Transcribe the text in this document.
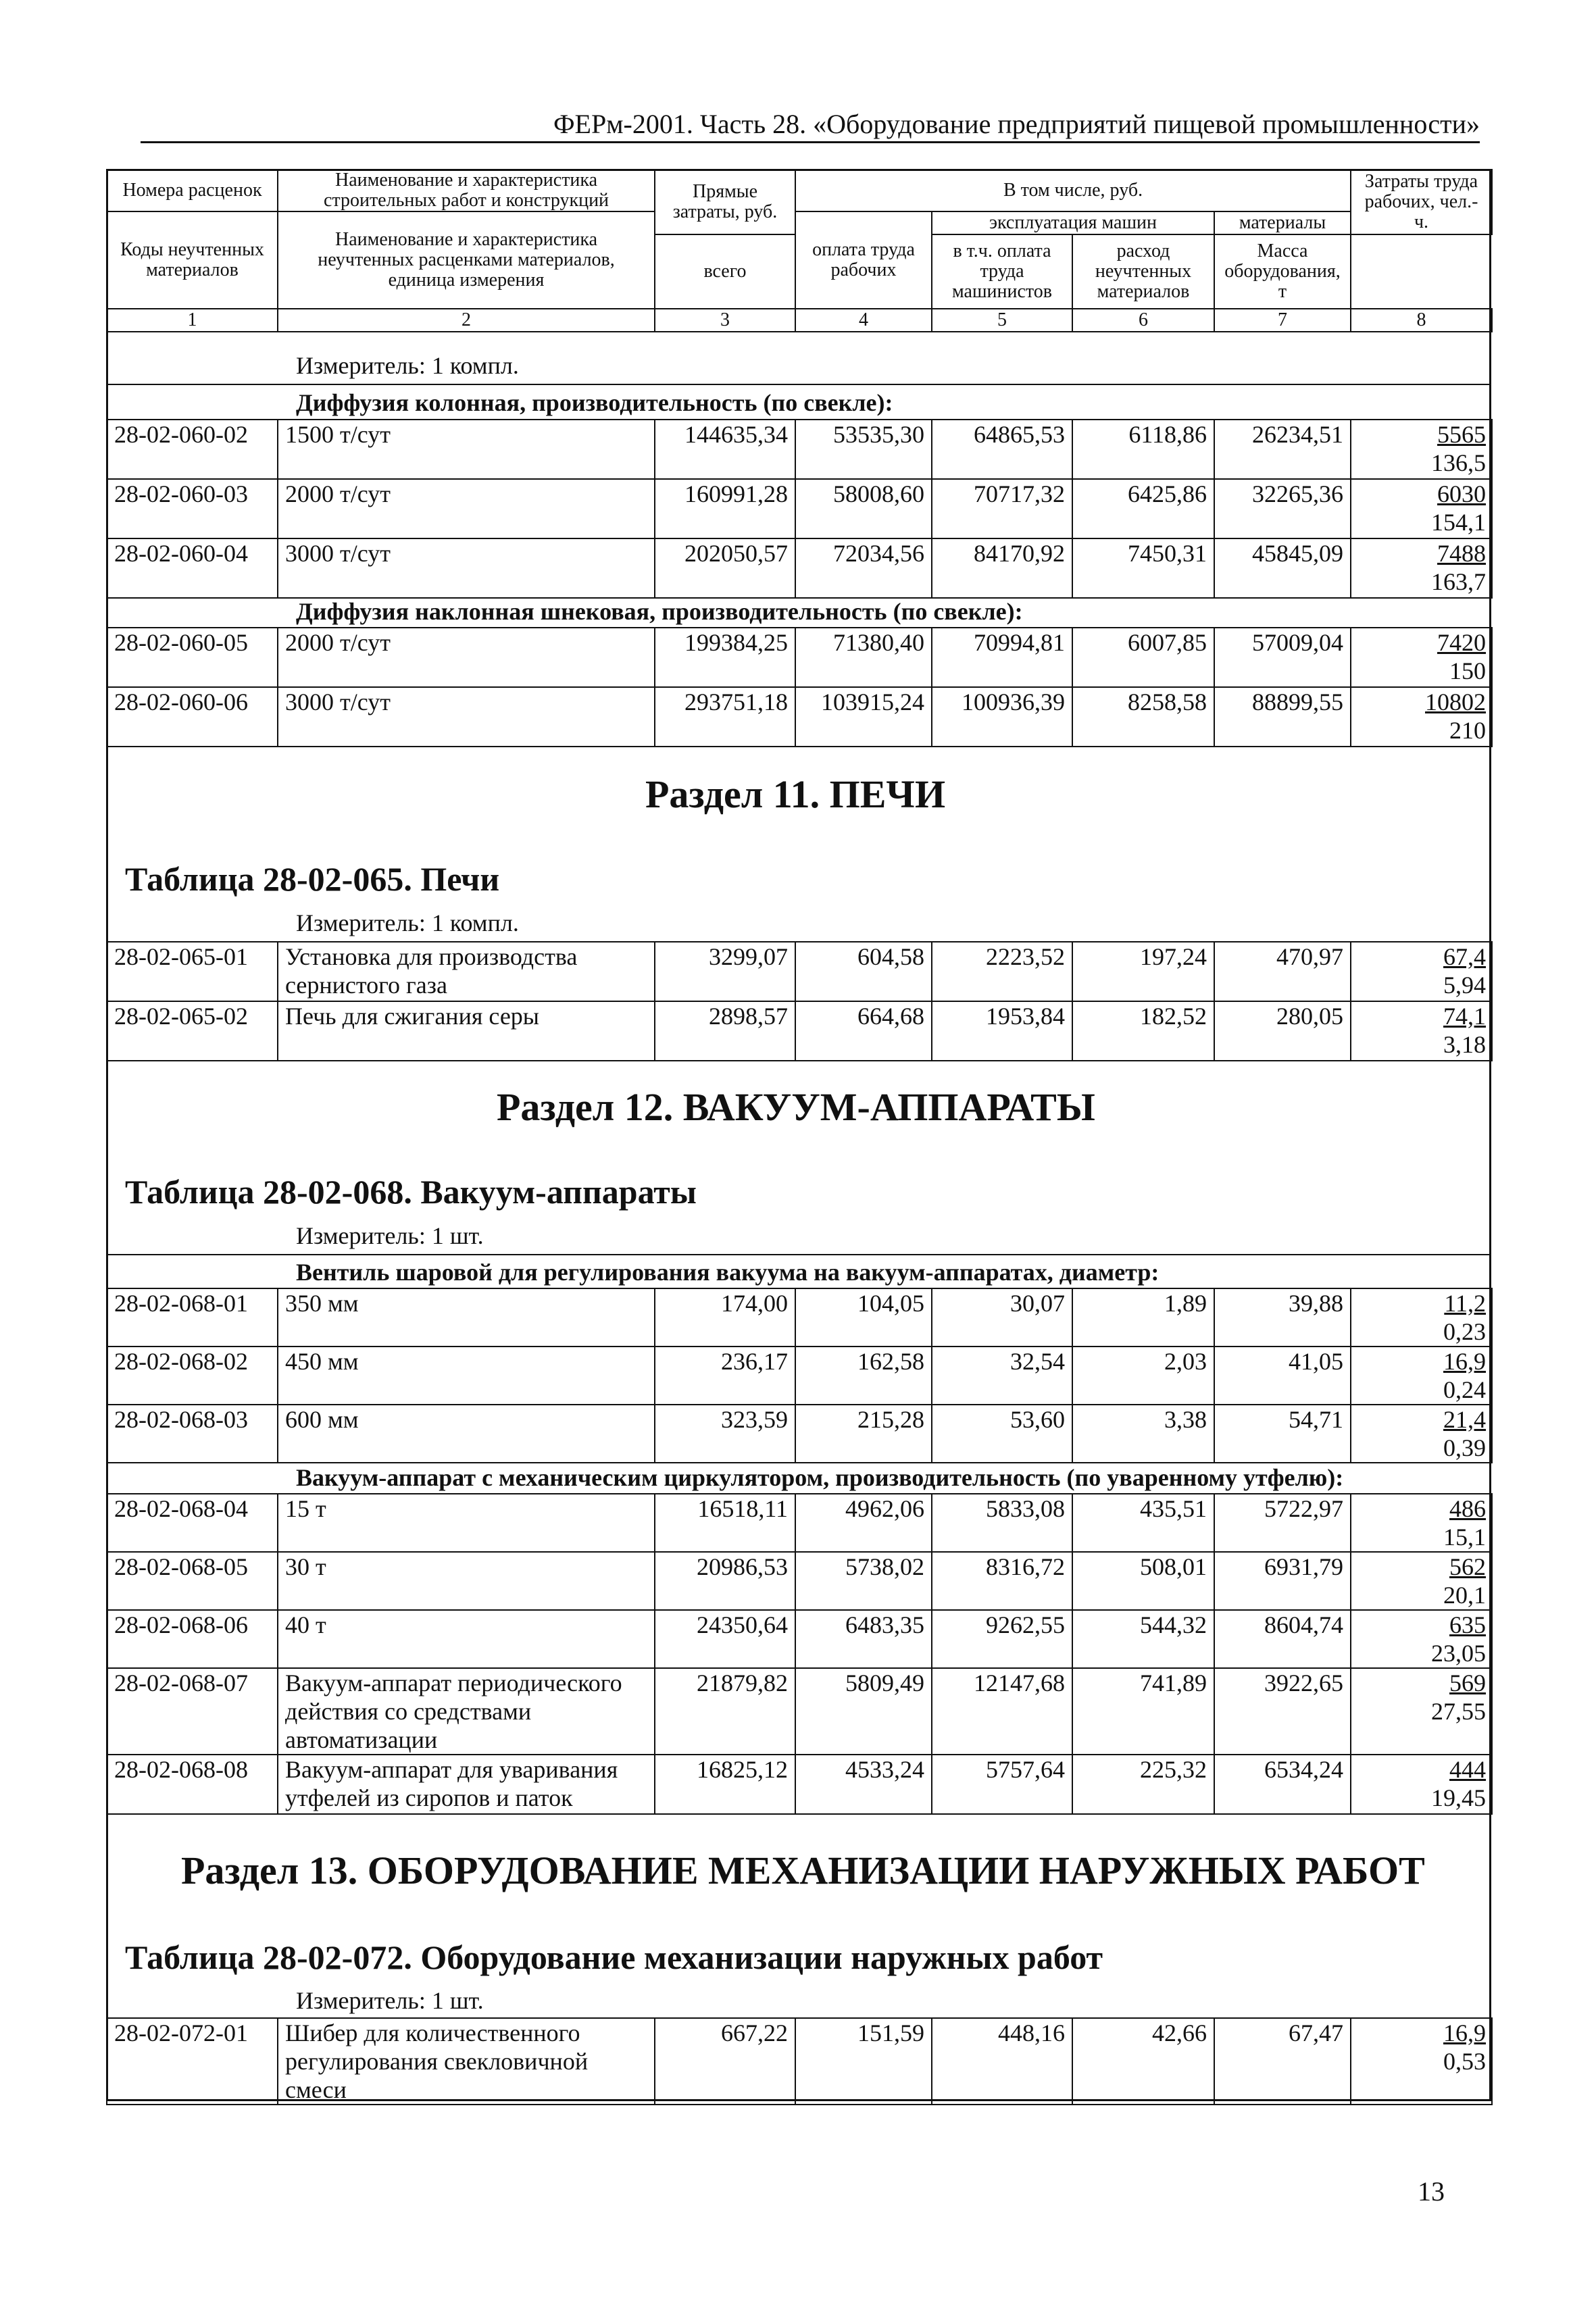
ФЕРм-2001. Часть 28. «Оборудование предприятий пищевой промышленности»
Номера расценок	Наименование и характеристика строительных работ и конструкций	Прямые затраты, руб.	В том числе, руб.				Затраты труда рабочих, чел.-ч.
Коды неучтенных материалов	Наименование и характеристика неучтенных расценками материалов, единица измерения		оплата труда рабочих	эксплуатация машин		материалы	
		всего		в т.ч. оплата труда машинистов	расход неучтенных материалов	Масса оборудования, т	
1	2	3	4	5	6	7	8
Измеритель: 1 компл.
Диффузия колонная, производительность (по свекле):
28-02-060-02	1500 т/сут	144635,34	53535,30	64865,53	6118,86	26234,51	5565
136,5
28-02-060-03	2000 т/сут	160991,28	58008,60	70717,32	6425,86	32265,36	6030
154,1
28-02-060-04	3000 т/сут	202050,57	72034,56	84170,92	7450,31	45845,09	7488
163,7
Диффузия наклонная шнековая, производительность (по свекле):
28-02-060-05	2000 т/сут	199384,25	71380,40	70994,81	6007,85	57009,04	7420
150
28-02-060-06	3000 т/сут	293751,18	103915,24	100936,39	8258,58	88899,55	10802
210
Раздел 11. ПЕЧИ
Таблица 28-02-065. Печи
Измеритель: 1 компл.
28-02-065-01	Установка для производства сернистого газа	3299,07	604,58	2223,52	197,24	470,97	67,4
5,94
28-02-065-02	Печь для сжигания серы	2898,57	664,68	1953,84	182,52	280,05	74,1
3,18
Раздел 12. ВАКУУМ-АППАРАТЫ
Таблица 28-02-068. Вакуум-аппараты
Измеритель: 1 шт.
Вентиль шаровой для регулирования вакуума на вакуум-аппаратах, диаметр:
28-02-068-01	350 мм	174,00	104,05	30,07	1,89	39,88	11,2
0,23
28-02-068-02	450 мм	236,17	162,58	32,54	2,03	41,05	16,9
0,24
28-02-068-03	600 мм	323,59	215,28	53,60	3,38	54,71	21,4
0,39
Вакуум-аппарат с механическим циркулятором, производительность (по уваренному утфелю):
28-02-068-04	15 т	16518,11	4962,06	5833,08	435,51	5722,97	486
15,1
28-02-068-05	30 т	20986,53	5738,02	8316,72	508,01	6931,79	562
20,1
28-02-068-06	40 т	24350,64	6483,35	9262,55	544,32	8604,74	635
23,05
28-02-068-07	Вакуум-аппарат периодического действия со средствами автоматизации	21879,82	5809,49	12147,68	741,89	3922,65	569
27,55
28-02-068-08	Вакуум-аппарат для уваривания утфелей из сиропов и паток	16825,12	4533,24	5757,64	225,32	6534,24	444
19,45
Раздел 13. ОБОРУДОВАНИЕ МЕХАНИЗАЦИИ НАРУЖНЫХ РАБОТ
Таблица 28-02-072. Оборудование механизации наружных работ
Измеритель: 1 шт.
28-02-072-01	Шибер для количественного регулирования свекловичной смеси	667,22	151,59	448,16	42,66	67,47	16,9
0,53
13
